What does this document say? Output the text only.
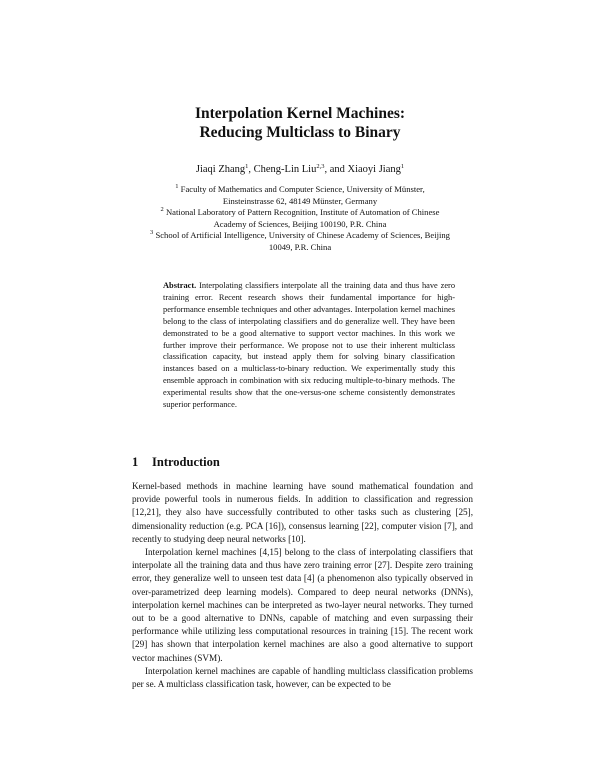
Interpolation Kernel Machines:
Reducing Multiclass to Binary
Jiaqi Zhang$^1$, Cheng-Lin Liu$^{2,3}$, and Xiaoyi Jiang$^1$
$^1$ Faculty of Mathematics and Computer Science, University of Münster,
Einsteinstrasse 62, 48149 Münster, Germany
$^2$ National Laboratory of Pattern Recognition, Institute of Automation of Chinese
Academy of Sciences, Beijing 100190, P.R. China
$^3$ School of Artificial Intelligence, University of Chinese Academy of Sciences, Beijing
10049, P.R. China
Abstract. Interpolating classifiers interpolate all the training data and thus have zero training error. Recent research shows their fundamental importance for high-performance ensemble techniques and other advantages. Interpolation kernel machines belong to the class of interpolating classifiers and do generalize well. They have been demonstrated to be a good alternative to support vector machines. In this work we further improve their performance. We propose not to use their inherent multiclass classification capacity, but instead apply them for solving binary classification instances based on a multiclass-to-binary reduction. We experimentally study this ensemble approach in combination with six reducing multiple-to-binary methods. The experimental results show that the one-versus-one scheme consistently demonstrates superior performance.
1 Introduction

Kernel-based methods in machine learning have sound mathematical foundation and provide powerful tools in numerous fields. In addition to classification and regression [12,21], they also have successfully contributed to other tasks such as clustering [25], dimensionality reduction (e.g. PCA [16]), consensus learning [22], computer vision [7], and recently to studying deep neural networks [10].

Interpolation kernel machines [4,15] belong to the class of interpolating classifiers that interpolate all the training data and thus have zero training error [27]. Despite zero training error, they generalize well to unseen test data [4] (a phenomenon also typically observed in over-parametrized deep learning models). Compared to deep neural networks (DNNs), interpolation kernel machines can be interpreted as two-layer neural networks. They turned out to be a good alternative to DNNs, capable of matching and even surpassing their performance while utilizing less computational resources in training [15]. The recent work [29] has shown that interpolation kernel machines are also a good alternative to support vector machines (SVM).

Interpolation kernel machines are capable of handling multiclass classification problems per se. A multiclass classification task, however, can be expected to be
